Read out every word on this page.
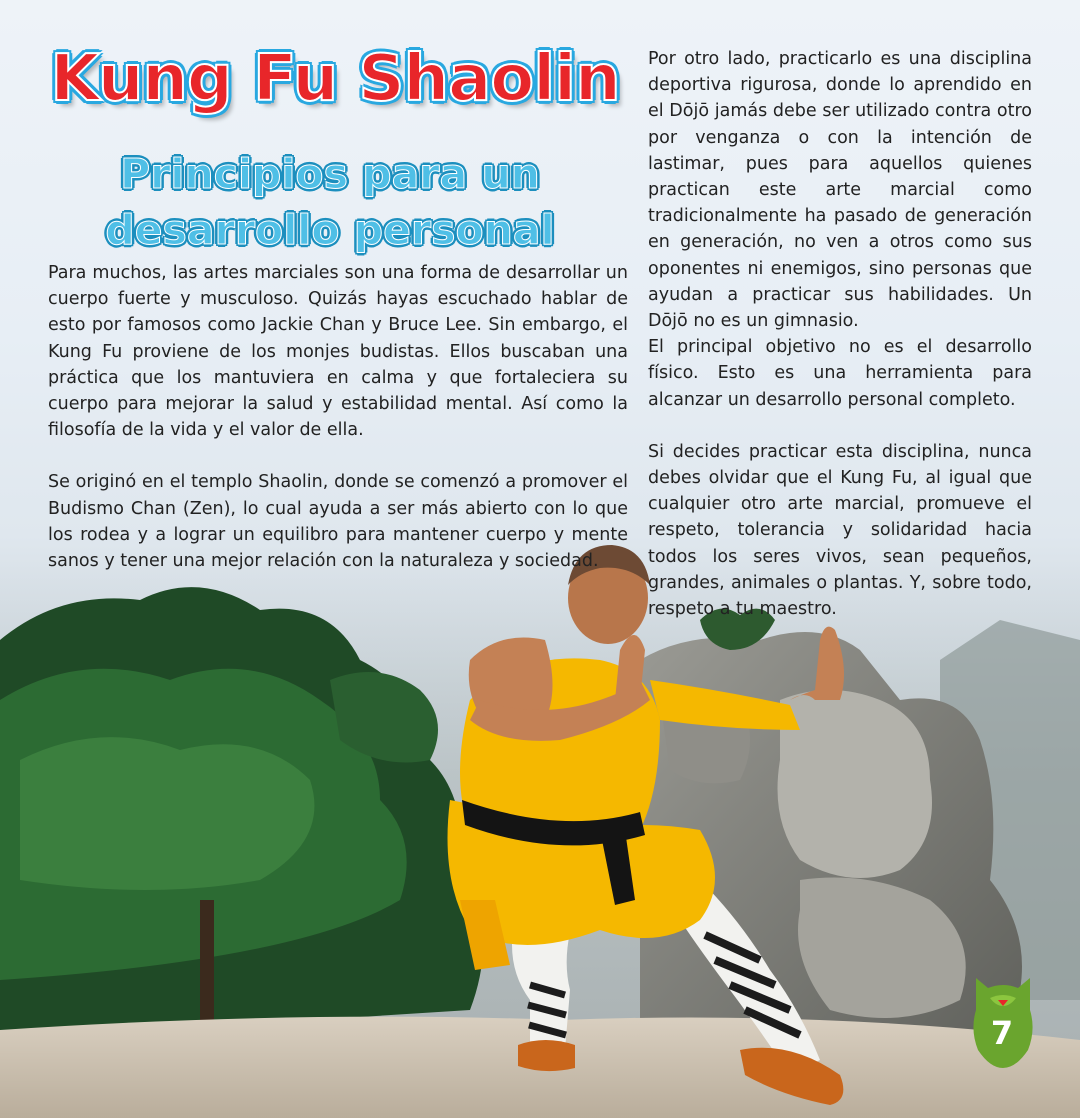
Kung Fu Shaolin
Principios para un desarrollo personal

Para muchos, las artes marciales son una forma de desarrollar un cuerpo fuerte y musculoso. Quizás hayas escuchado hablar de esto por famosos como Jackie Chan y Bruce Lee. Sin embargo, el Kung Fu proviene de los monjes budistas. Ellos buscaban una práctica que los mantuviera en calma y que fortaleciera su cuerpo para mejorar la salud y estabilidad mental. Así como la filosofía de la vida y el valor de ella.

Se originó en el templo Shaolin, donde se comenzó a promover el Budismo Chan (Zen), lo cual ayuda a ser más abierto con lo que los rodea y a lograr un equilibro para mantener cuerpo y mente sanos y tener una mejor relación con la naturaleza y sociedad.

Por otro lado, practicarlo es una disciplina deportiva rigurosa, donde lo aprendido en el Dōjō jamás debe ser utilizado contra otro por venganza o con la intención de lastimar, pues para aquellos quienes practican este arte marcial como tradicionalmente ha pasado de generación en generación, no ven a otros como sus oponentes ni enemigos, sino personas que ayudan a practicar sus habilidades. Un Dōjō no es un gimnasio.

El principal objetivo no es el desarrollo físico. Esto es una herramienta para alcanzar un desarrollo personal completo.

Si decides practicar esta disciplina, nunca debes olvidar que el Kung Fu, al igual que cualquier otro arte marcial, promueve el respeto, tolerancia y solidaridad hacia todos los seres vivos, sean pequeños, grandes, animales o plantas. Y, sobre todo, respeto a tu maestro.

7
